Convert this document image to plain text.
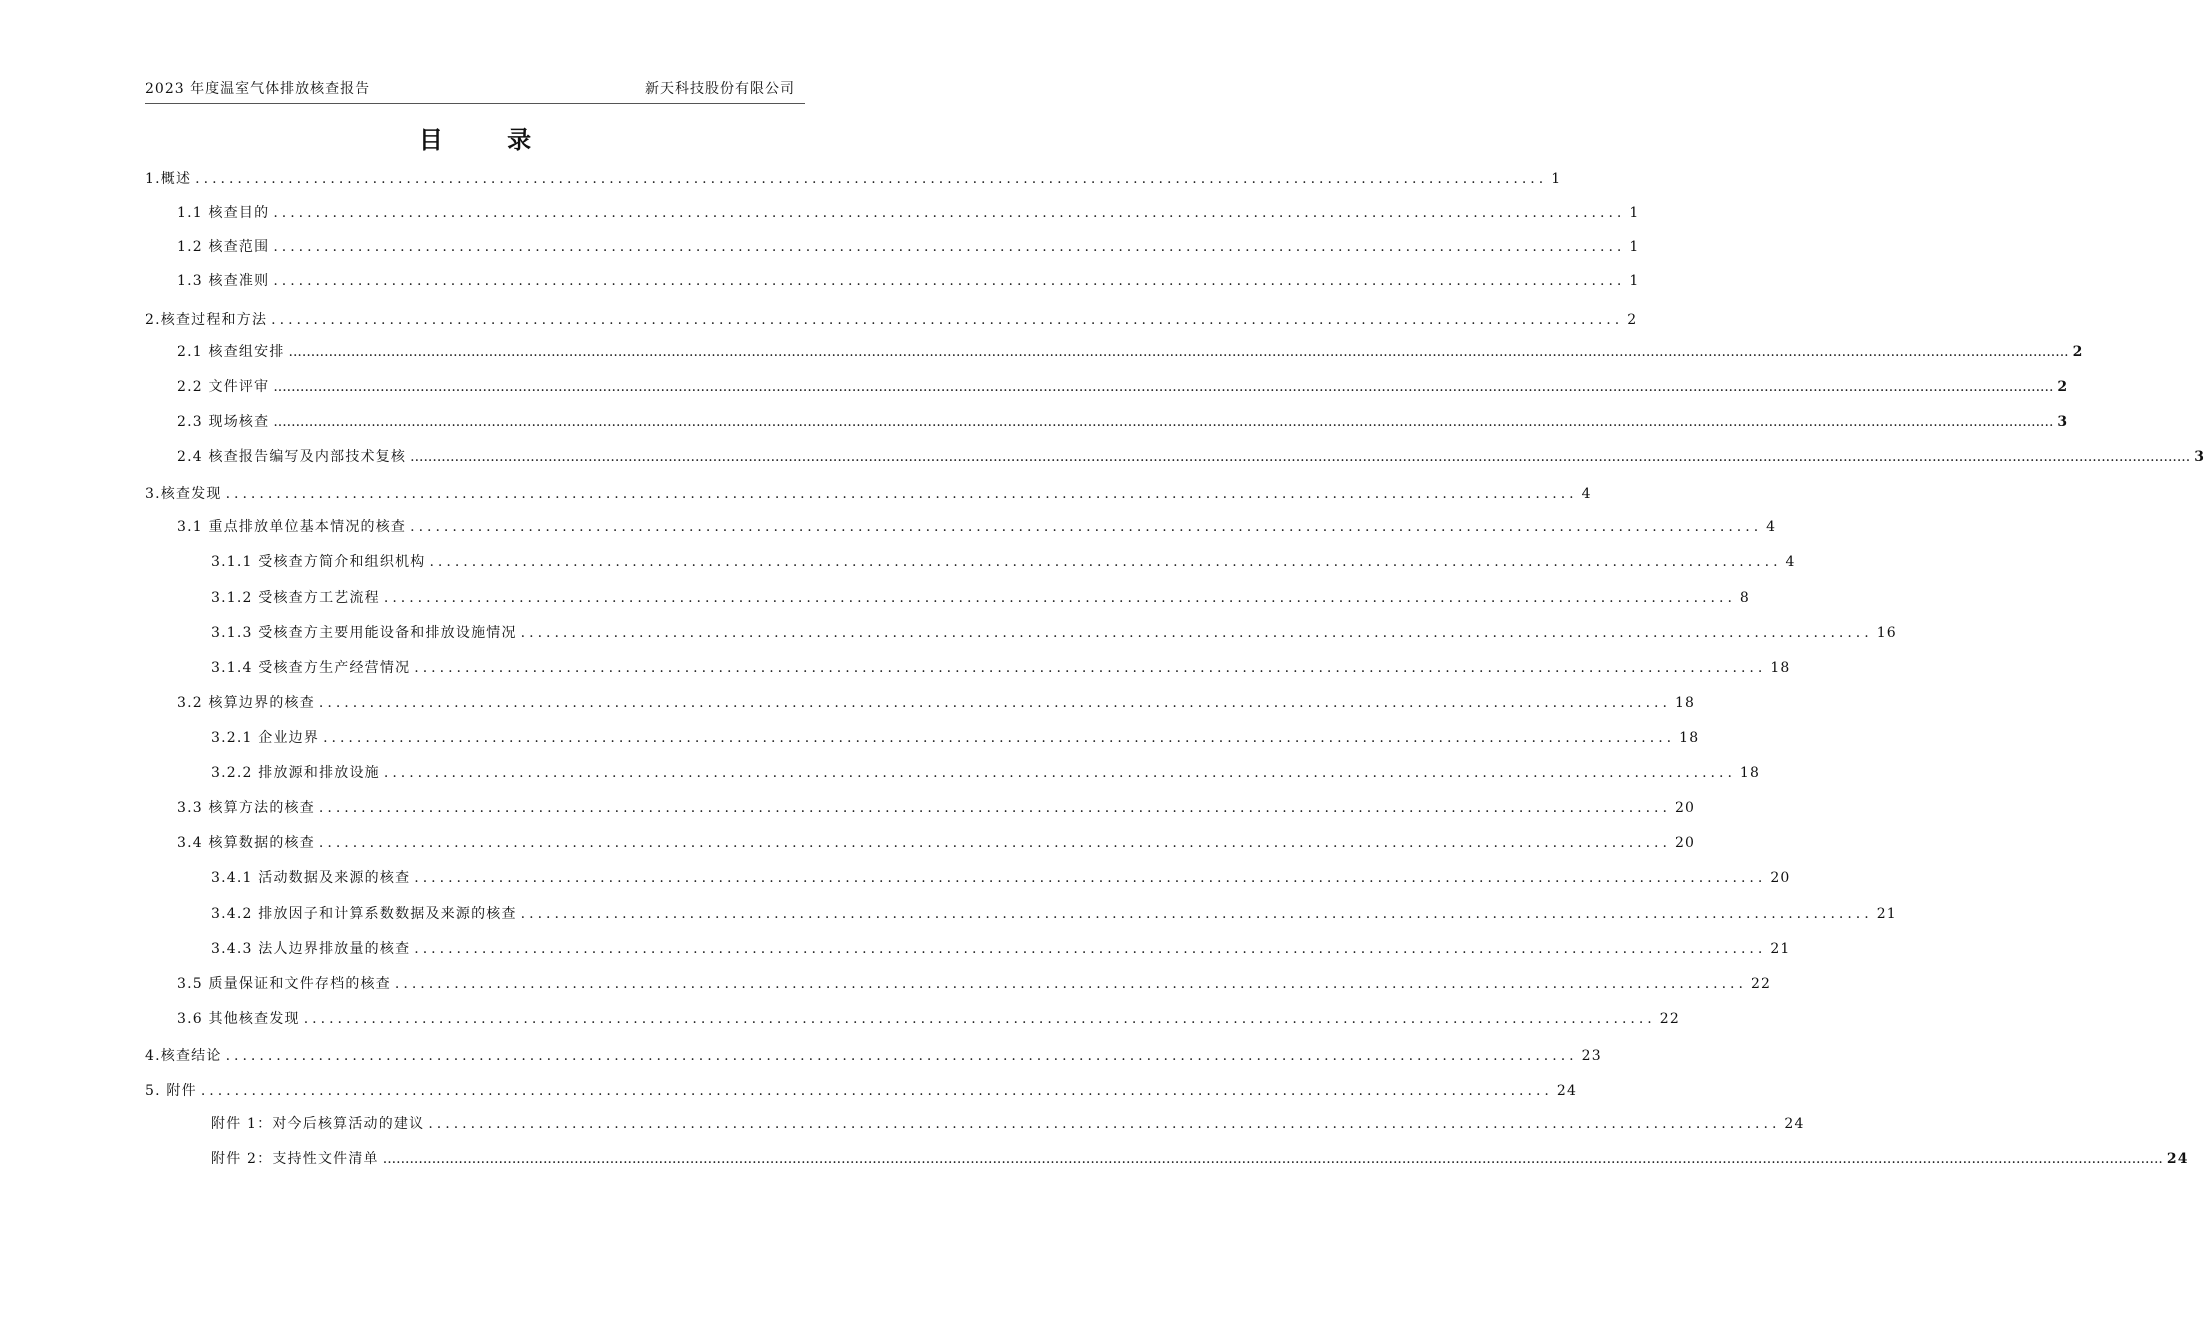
2023 年度温室气体排放核查报告	新天科技股份有限公司
目 录
1.概述 ................................................................................................................................................................ 1
1.1 核查目的 ................................................................................................................................................................ 1
1.2 核查范围 ................................................................................................................................................................ 1
1.3 核查准则 ................................................................................................................................................................ 1
2.核查过程和方法 ................................................................................................................................................................ 2
2.1 核查组安排 ................................................................................................................................................................................................................................................................................................................................................................................................................ 2
2.2 文件评审 ................................................................................................................................................................................................................................................................................................................................................................................................................ 2
2.3 现场核查 ................................................................................................................................................................................................................................................................................................................................................................................................................ 3
2.4 核查报告编写及内部技术复核 ................................................................................................................................................................................................................................................................................................................................................................................................................ 3
3.核查发现 ................................................................................................................................................................ 4
3.1 重点排放单位基本情况的核查 ................................................................................................................................................................ 4
3.1.1 受核查方简介和组织机构 ................................................................................................................................................................ 4
3.1.2 受核查方工艺流程 ................................................................................................................................................................ 8
3.1.3 受核查方主要用能设备和排放设施情况 ................................................................................................................................................................ 16
3.1.4 受核查方生产经营情况 ................................................................................................................................................................ 18
3.2 核算边界的核查 ................................................................................................................................................................ 18
3.2.1 企业边界 ................................................................................................................................................................ 18
3.2.2 排放源和排放设施 ................................................................................................................................................................ 18
3.3 核算方法的核查 ................................................................................................................................................................ 20
3.4 核算数据的核查 ................................................................................................................................................................ 20
3.4.1 活动数据及来源的核查 ................................................................................................................................................................ 20
3.4.2 排放因子和计算系数数据及来源的核查 ................................................................................................................................................................ 21
3.4.3 法人边界排放量的核查 ................................................................................................................................................................ 21
3.5 质量保证和文件存档的核查 ................................................................................................................................................................ 22
3.6 其他核查发现 ................................................................................................................................................................ 22
4.核查结论 ................................................................................................................................................................ 23
5. 附件 ................................................................................................................................................................ 24
附件 1：对今后核算活动的建议 ................................................................................................................................................................ 24
附件 2：支持性文件清单 ................................................................................................................................................................................................................................................................................................................................................................................................................ 24
